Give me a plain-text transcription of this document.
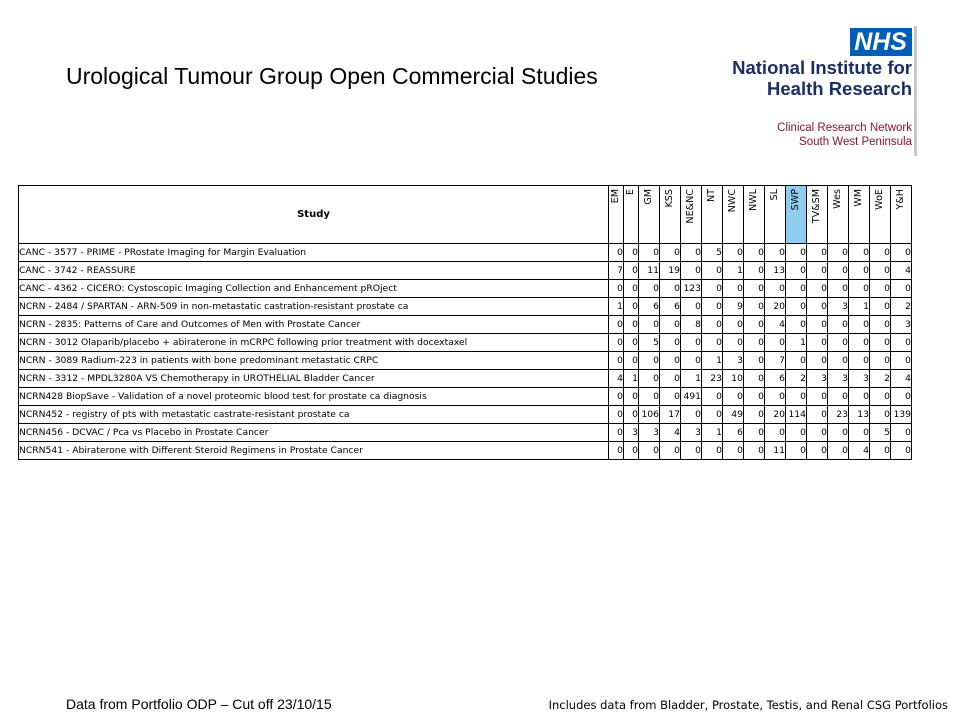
Urological Tumour Group Open Commercial Studies
NHS
National Institute for
Health Research
Clinical Research Network
South West Peninsula
Study	EM	E	GM	KSS	NE&NC	NT	NWC	NWL	SL	SWP	TV&SM	Wes	WM	WoE	Y&H

CANC - 3577 - PRIME - PRostate Imaging for Margin Evaluation	0	0	0	0	0	5	0	0	0	0	0	0	0	0	0
CANC - 3742 - REASSURE	7	0	11	19	0	0	1	0	13	0	0	0	0	0	4
CANC - 4362 - CICERO: Cystoscopic Imaging Collection and Enhancement pROject	0	0	0	0	123	0	0	0	0	0	0	0	0	0	0
NCRN - 2484 / SPARTAN - ARN-509 in non-metastatic castration-resistant prostate ca	1	0	6	6	0	0	9	0	20	0	0	3	1	0	2
NCRN - 2835: Patterns of Care and Outcomes of Men with Prostate Cancer	0	0	0	0	8	0	0	0	4	0	0	0	0	0	3
NCRN - 3012 Olaparib/placebo + abiraterone in mCRPC following prior treatment with docextaxel	0	0	5	0	0	0	0	0	0	1	0	0	0	0	0
NCRN - 3089 Radium-223 in patients with bone predominant metastatic CRPC	0	0	0	0	0	1	3	0	7	0	0	0	0	0	0
NCRN - 3312 - MPDL3280A VS Chemotherapy in UROTHELIAL Bladder Cancer	4	1	0	0	1	23	10	0	6	2	3	3	3	2	4
NCRN428 BiopSave - Validation of a novel proteomic blood test for prostate ca diagnosis	0	0	0	0	491	0	0	0	0	0	0	0	0	0	0
NCRN452 - registry of pts with metastatic castrate-resistant prostate ca	0	0	106	17	0	0	49	0	20	114	0	23	13	0	139
NCRN456 - DCVAC / Pca vs Placebo in Prostate Cancer	0	3	3	4	3	1	6	0	0	0	0	0	0	5	0
NCRN541 - Abiraterone with Different Steroid Regimens in Prostate Cancer	0	0	0	0	0	0	0	0	11	0	0	0	4	0	0
Data from Portfolio ODP – Cut off 23/10/15	Includes data from Bladder, Prostate, Testis, and Renal CSG Portfolios
